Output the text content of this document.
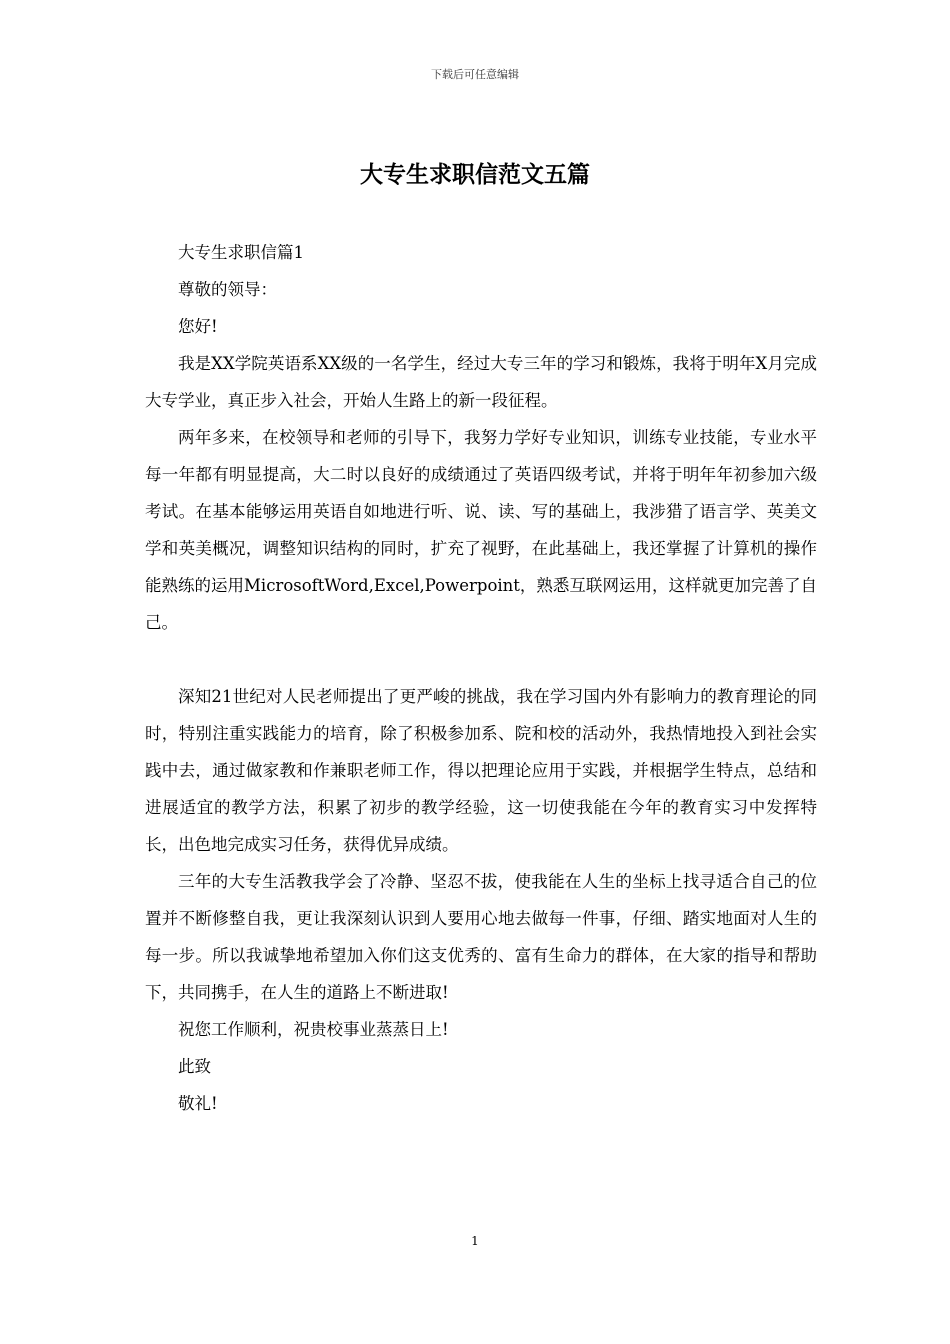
下载后可任意编辑
大专生求职信范文五篇

大专生求职信篇1

尊敬的领导：

您好!

我是XX学院英语系XX级的一名学生，经过大专三年的学习和锻炼，我将于明年X月完成大专学业，真正步入社会，开始人生路上的新一段征程。

两年多来，在校领导和老师的引导下，我努力学好专业知识，训练专业技能，专业水平每一年都有明显提高，大二时以良好的成绩通过了英语四级考试，并将于明年年初参加六级考试。在基本能够运用英语自如地进行听、说、读、写的基础上，我涉猎了语言学、英美文学和英美概况，调整知识结构的同时，扩充了视野，在此基础上，我还掌握了计算机的操作能熟练的运用MicrosoftWord,Excel,Powerpoint，熟悉互联网运用，这样就更加完善了自己。

深知21世纪对人民老师提出了更严峻的挑战，我在学习国内外有影响力的教育理论的同时，特别注重实践能力的培育，除了积极参加系、院和校的活动外，我热情地投入到社会实践中去，通过做家教和作兼职老师工作，得以把理论应用于实践，并根据学生特点，总结和进展适宜的教学方法，积累了初步的教学经验，这一切使我能在今年的教育实习中发挥特长，出色地完成实习任务，获得优异成绩。

三年的大专生活教我学会了冷静、坚忍不拔，使我能在人生的坐标上找寻适合自己的位置并不断修整自我，更让我深刻认识到人要用心地去做每一件事，仔细、踏实地面对人生的每一步。所以我诚挚地希望加入你们这支优秀的、富有生命力的群体，在大家的指导和帮助下，共同携手，在人生的道路上不断进取!

祝您工作顺利，祝贵校事业蒸蒸日上!

此致

敬礼!

1
